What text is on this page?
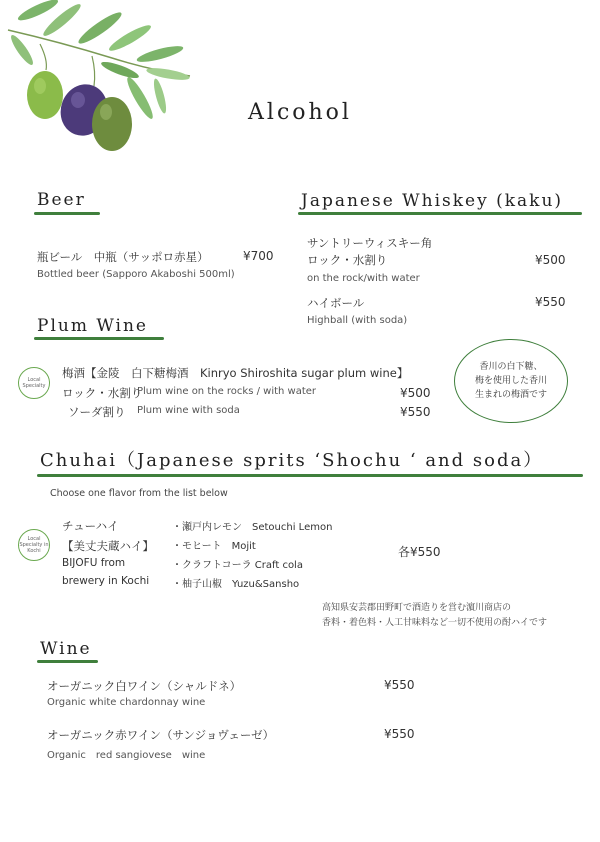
Alcohol
Beer
瓶ビール　中瓶（サッポロ赤星）	¥700
Bottled beer (Sapporo Akaboshi 500ml)
Japanese Whiskey (kaku)
サントリーウィスキー角
ロック・水割り	¥500
on the rock/with water
ハイボール	¥550
Highball (with soda)
Plum Wine
Local Specialty
梅酒【金陵　白下糖梅酒　Kinryo Shiroshita sugar plum wine】
ロック・水割り
Plum wine on the rocks / with water	¥500
ソーダ割り Plum wine with soda	¥550
香川の白下糖、
梅を使用した香川
生まれの梅酒です
Chuhai（Japanese sprits ‘Shochu ‘ and soda）
Choose one flavor from the list below
Local Specialty in Kochi
チューハイ
【美丈夫蔵ハイ】
BIJOFU from
brewery in Kochi
・瀬戸内レモン　Setouchi Lemon
・モヒート　Mojit
・クラフトコーラ Craft cola
・柚子山椒　Yuzu&Sansho
各¥550
高知県安芸郡田野町で酒造りを営む濵川商店の
香料・着色料・人工甘味料など一切不使用の酎ハイです
Wine
オーガニック白ワイン（シャルドネ）	¥550
Organic white chardonnay wine
オーガニック赤ワイン（サンジョヴェーゼ）	¥550
Organic　red sangiovese　wine
